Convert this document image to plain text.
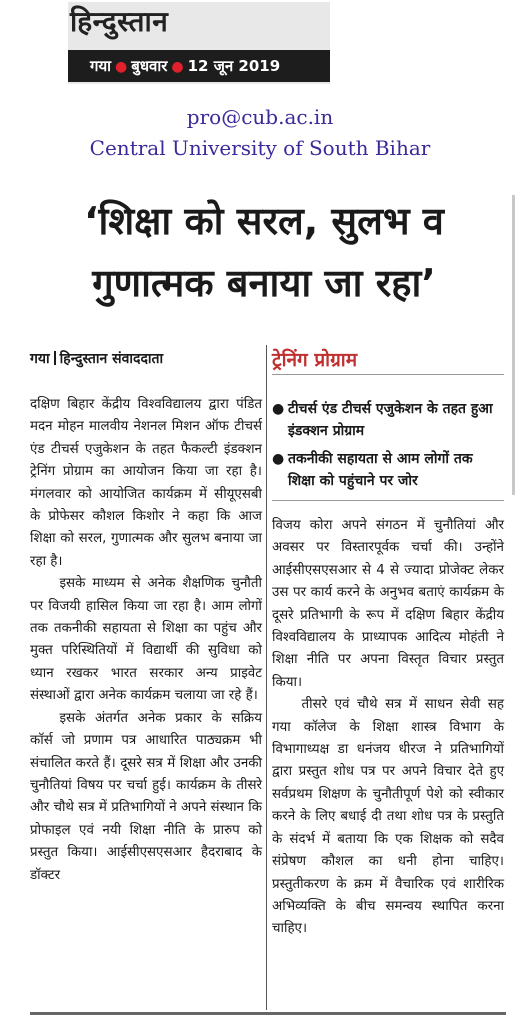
हिन्दुस्तान
गया ● बुधवार ● 12 जून 2019
pro@cub.ac.in
Central University of South Bihar
‘शिक्षा को सरल, सुलभ व
गुणात्मक बनाया जा रहा’
गया हिन्दुस्तान संवाददाता

दक्षिण बिहार केंद्रीय विश्वविद्यालय द्वारा पंडित मदन मोहन मालवीय नेशनल मिशन ऑफ टीचर्स एंड टीचर्स एजुकेशन के तहत फैकल्टी इंडक्शन ट्रेनिंग प्रोग्राम का आयोजन किया जा रहा है। मंगलवार को आयोजित कार्यक्रम में सीयूएसबी के प्रोफेसर कौशल किशोर ने कहा कि आज शिक्षा को सरल, गुणात्मक और सुलभ बनाया जा रहा है।

इसके माध्यम से अनेक शैक्षणिक चुनौती पर विजयी हासिल किया जा रहा है। आम लोगों तक तकनीकी सहायता से शिक्षा का पहुंच और मुक्त परिस्थितियों में विद्यार्थी की सुविधा को ध्यान रखकर भारत सरकार अन्य प्राइवेट संस्थाओं द्वारा अनेक कार्यक्रम चलाया जा रहे हैं।

इसके अंतर्गत अनेक प्रकार के सक्रिय कॉर्स जो प्रणाम पत्र आधारित पाठ्यक्रम भी संचालित करते हैं। दूसरे सत्र में शिक्षा और उनकी चुनौतियां विषय पर चर्चा हुई। कार्यक्रम के तीसरे और चौथे सत्र में प्रतिभागियों ने अपने संस्थान कि प्रोफाइल एवं नयी शिक्षा नीति के प्रारुप को प्रस्तुत किया। आईसीएसएसआर हैदराबाद के डॉक्टर

ट्रेनिंग प्रोग्राम
● टीचर्स एंड टीचर्स एजुकेशन के तहत हुआ इंडक्शन प्रोग्राम
● तकनीकी सहायता से आम लोगों तक शिक्षा को पहुंचाने पर जोर

विजय कोरा अपने संगठन में चुनौतियां और अवसर पर विस्तारपूर्वक चर्चा की। उन्होंने आईसीएसएसआर से 4 से ज्यादा प्रोजेक्ट लेकर उस पर कार्य करने के अनुभव बताएं कार्यक्रम के दूसरे प्रतिभागी के रूप में दक्षिण बिहार केंद्रीय विश्वविद्यालय के प्राध्यापक आदित्य मोहंती ने शिक्षा नीति पर अपना विस्तृत विचार प्रस्तुत किया।

तीसरे एवं चौथे सत्र में साधन सेवी सह गया कॉलेज के शिक्षा शास्त्र विभाग के विभागाध्यक्ष डा धनंजय धीरज ने प्रतिभागियों द्वारा प्रस्तुत शोध पत्र पर अपने विचार देते हुए सर्वप्रथम शिक्षण के चुनौतीपूर्ण पेशे को स्वीकार करने के लिए बधाई दी तथा शोध पत्र के प्रस्तुति के संदर्भ में बताया कि एक शिक्षक को सदैव संप्रेषण कौशल का धनी होना चाहिए। प्रस्तुतीकरण के क्रम में वैचारिक एवं शारीरिक अभिव्यक्ति के बीच समन्वय स्थापित करना चाहिए।
